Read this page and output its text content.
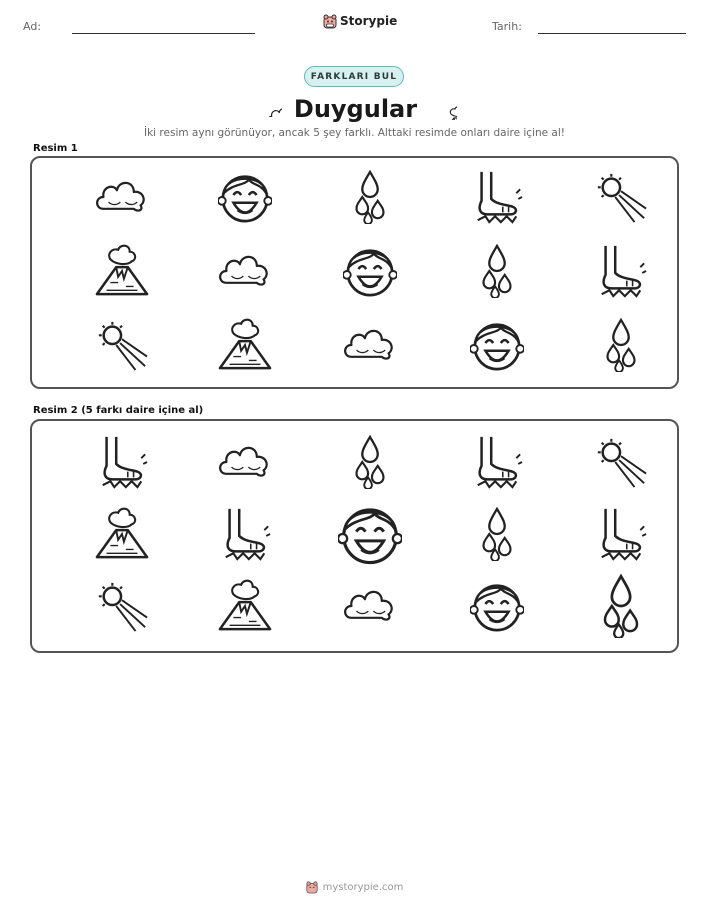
Ad:	Storypie	Tarih:
FARKLARI BUL
Duygular
İki resim aynı görünüyor, ancak 5 şey farklı. Alttaki resimde onları daire içine al!
Resim 1
Resim 2 (5 farkı daire içine al)
mystorypie.com
